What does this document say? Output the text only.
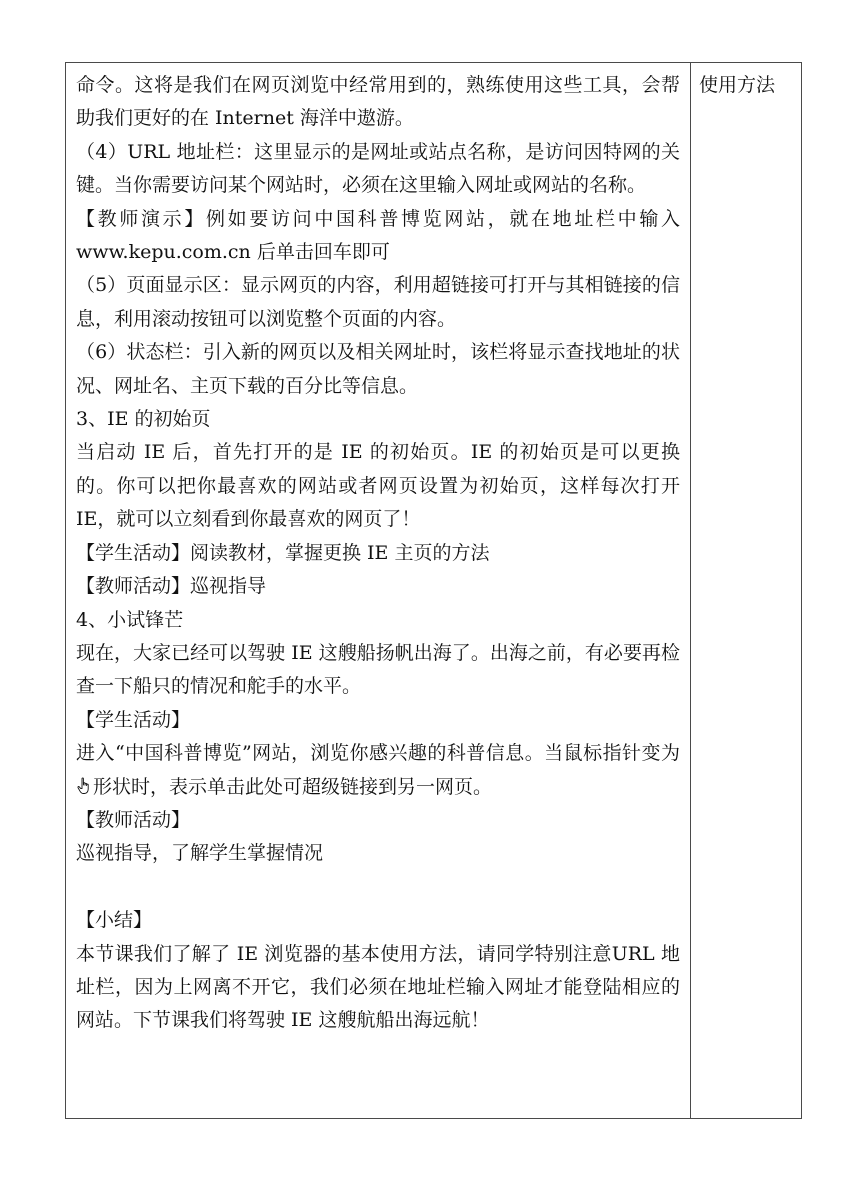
命令。这将是我们在网页浏览中经常用到的，熟练使用这些工具，会帮助我们更好的在 Internet 海洋中遨游。

（4）URL 地址栏：这里显示的是网址或站点名称，是访问因特网的关键。当你需要访问某个网站时，必须在这里输入网址或网站的名称。

【教师演示】例如要访问中国科普博览网站，就在地址栏中输入 www.kepu.com.cn 后单击回车即可

（5）页面显示区：显示网页的内容，利用超链接可打开与其相链接的信息，利用滚动按钮可以浏览整个页面的内容。

（6）状态栏：引入新的网页以及相关网址时，该栏将显示查找地址的状况、网址名、主页下载的百分比等信息。

3、IE 的初始页

当启动 IE 后，首先打开的是 IE 的初始页。IE 的初始页是可以更换的。你可以把你最喜欢的网站或者网页设置为初始页，这样每次打开 IE，就可以立刻看到你最喜欢的网页了！

【学生活动】阅读教材，掌握更换 IE 主页的方法

【教师活动】巡视指导

4、小试锋芒

现在，大家已经可以驾驶 IE 这艘船扬帆出海了。出海之前，有必要再检查一下船只的情况和舵手的水平。

【学生活动】

进入“中国科普博览”网站，浏览你感兴趣的科普信息。当鼠标指针变为形状时，表示单击此处可超级链接到另一网页。

【教师活动】

巡视指导，了解学生掌握情况

【小结】

本节课我们了解了 IE 浏览器的基本使用方法，请同学特别注意URL 地址栏，因为上网离不开它，我们必须在地址栏输入网址才能登陆相应的网站。下节课我们将驾驶 IE 这艘航船出海远航！

使用方法
